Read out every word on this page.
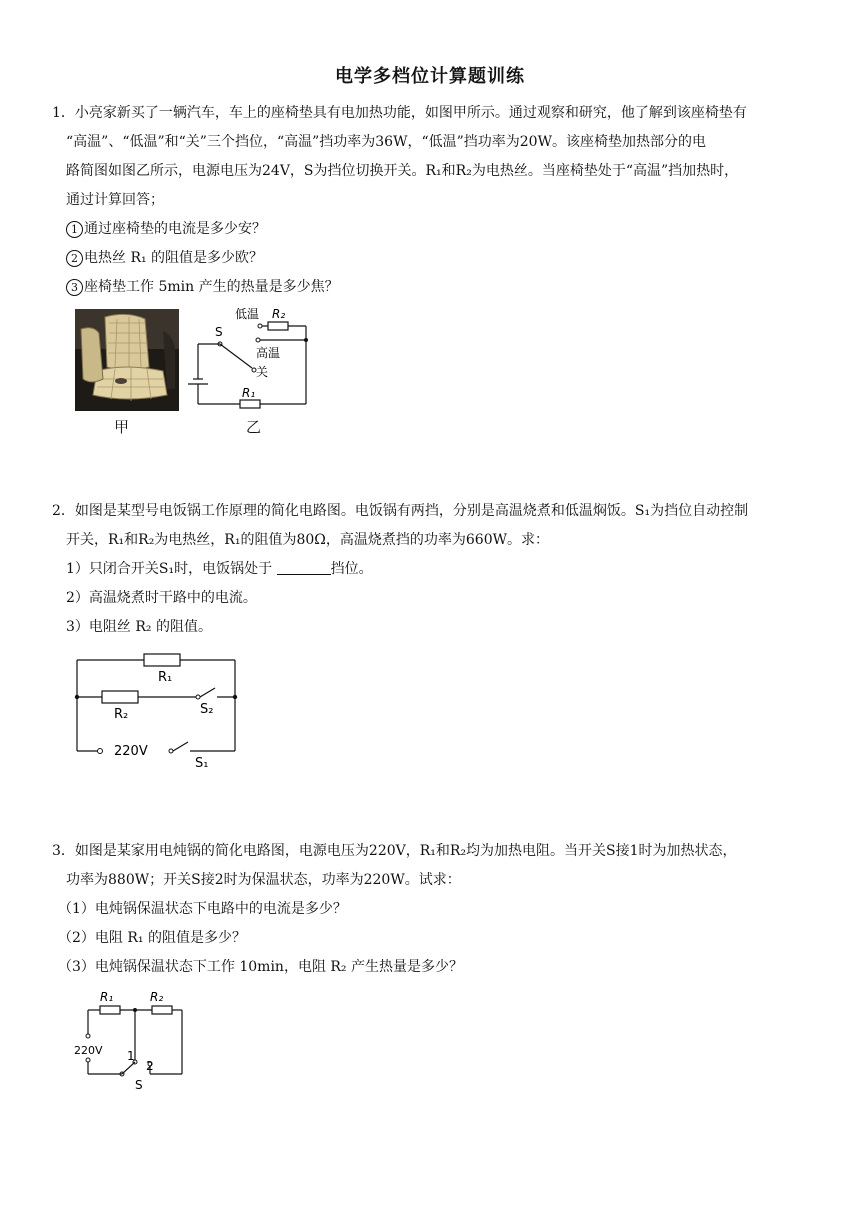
电学多档位计算题训练
1．小亮家新买了一辆汽车，车上的座椅垫具有电加热功能，如图甲所示。通过观察和研究，他了解到该座椅垫有
“高温”、“低温”和“关”三个挡位，“高温”挡功率为36W，“低温”挡功率为20W。该座椅垫加热部分的电
路简图如图乙所示，电源电压为24V，S为挡位切换开关。R₁和R₂为电热丝。当座椅垫处于“高温”挡加热时，
通过计算回答；
1 通过座椅垫的电流是多少安？
2 电热丝 R₁ 的阻值是多少欧？
3 座椅垫工作 5min 产生的热量是多少焦？
甲
低温 R₂
S
高温
关
R₁
乙
2．如图是某型号电饭锅工作原理的简化电路图。电饭锅有两挡，分别是高温烧煮和低温焖饭。S₁为挡位自动控制
开关，R₁和R₂为电热丝，R₁的阻值为80Ω，高温烧煮挡的功率为660W。求：
1）只闭合开关S₁时，电饭锅处于	挡位。
2）高温烧煮时干路中的电流。
3）电阻丝 R₂ 的阻值。
R₁
R₂	S₂
220V
S₁
3．如图是某家用电炖锅的简化电路图，电源电压为220V，R₁和R₂均为加热电阻。当开关S接1时为加热状态，
功率为880W；开关S接2时为保温状态，功率为220W。试求：
（1）电炖锅保温状态下电路中的电流是多少？
（2）电阻 R₁ 的阻值是多少？
（3）电炖锅保温状态下工作 10min，电阻 R₂ 产生热量是多少？
R₁	R₂
220V 1
2
S
